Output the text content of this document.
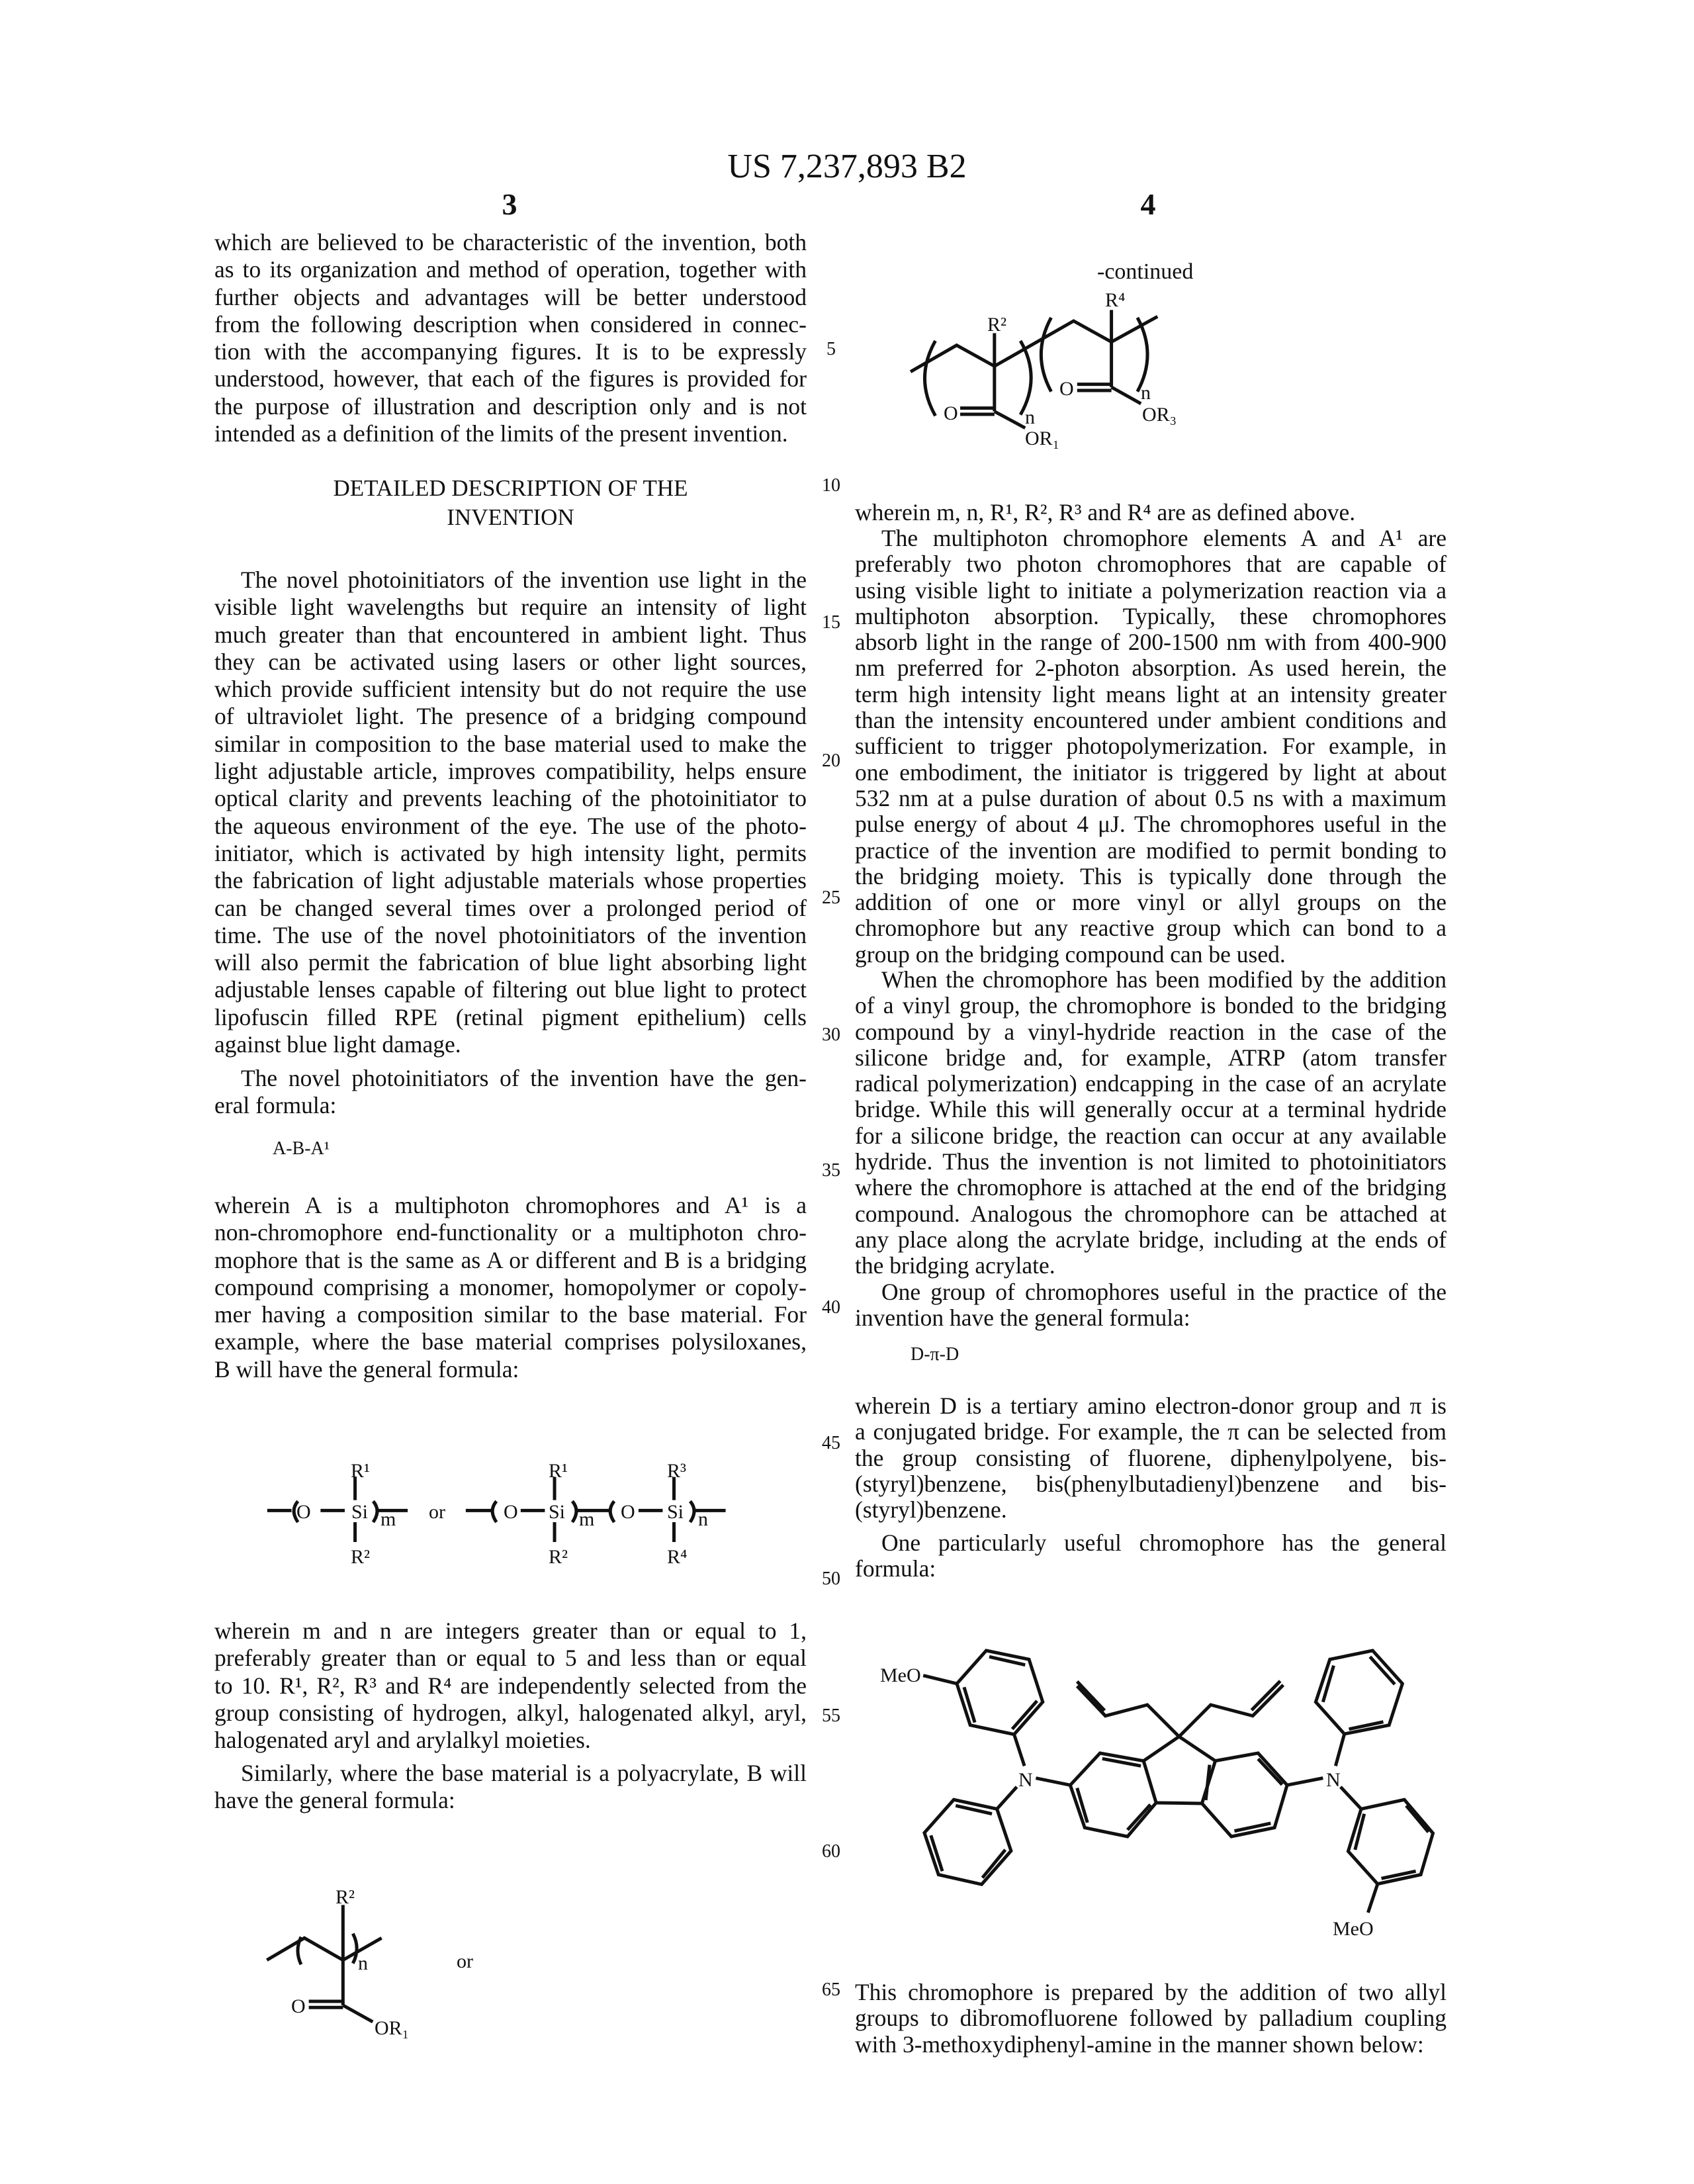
US 7,237,893 B2
3	4
which are believed to be characteristic of the invention, both
as to its organization and method of operation, together with
further objects and advantages will be better understood
from the following description when considered in connec-
tion with the accompanying figures. It is to be expressly
understood, however, that each of the figures is provided for
the purpose of illustration and description only and is not
intended as a definition of the limits of the present invention.
DETAILED DESCRIPTION OF THE
INVENTION
The novel photoinitiators of the invention use light in the
visible light wavelengths but require an intensity of light
much greater than that encountered in ambient light. Thus
they can be activated using lasers or other light sources,
which provide sufficient intensity but do not require the use
of ultraviolet light. The presence of a bridging compound
similar in composition to the base material used to make the
light adjustable article, improves compatibility, helps ensure
optical clarity and prevents leaching of the photoinitiator to
the aqueous environment of the eye. The use of the photo-
initiator, which is activated by high intensity light, permits
the fabrication of light adjustable materials whose properties
can be changed several times over a prolonged period of
time. The use of the novel photoinitiators of the invention
will also permit the fabrication of blue light absorbing light
adjustable lenses capable of filtering out blue light to protect
lipofuscin filled RPE (retinal pigment epithelium) cells
against blue light damage.
The novel photoinitiators of the invention have the gen-
eral formula:
A-B-A¹
wherein A is a multiphoton chromophores and A¹ is a
non-chromophore end-functionality or a multiphoton chro-
mophore that is the same as A or different and B is a bridging
compound comprising a monomer, homopolymer or copoly-
mer having a composition similar to the base material. For
example, where the base material comprises polysiloxanes,
B will have the general formula:
wherein m and n are integers greater than or equal to 1,
preferably greater than or equal to 5 and less than or equal
to 10. R¹, R², R³ and R⁴ are independently selected from the
group consisting of hydrogen, alkyl, halogenated alkyl, aryl,
halogenated aryl and arylalkyl moieties.
Similarly, where the base material is a polyacrylate, B will
have the general formula:
-continued
wherein m, n, R¹, R², R³ and R⁴ are as defined above.
The multiphoton chromophore elements A and A¹ are
preferably two photon chromophores that are capable of
using visible light to initiate a polymerization reaction via a
multiphoton absorption. Typically, these chromophores
absorb light in the range of 200-1500 nm with from 400-900
nm preferred for 2-photon absorption. As used herein, the
term high intensity light means light at an intensity greater
than the intensity encountered under ambient conditions and
sufficient to trigger photopolymerization. For example, in
one embodiment, the initiator is triggered by light at about
532 nm at a pulse duration of about 0.5 ns with a maximum
pulse energy of about 4 μJ. The chromophores useful in the
practice of the invention are modified to permit bonding to
the bridging moiety. This is typically done through the
addition of one or more vinyl or allyl groups on the
chromophore but any reactive group which can bond to a
group on the bridging compound can be used.
When the chromophore has been modified by the addition
of a vinyl group, the chromophore is bonded to the bridging
compound by a vinyl-hydride reaction in the case of the
silicone bridge and, for example, ATRP (atom transfer
radical polymerization) endcapping in the case of an acrylate
bridge. While this will generally occur at a terminal hydride
for a silicone bridge, the reaction can occur at any available
hydride. Thus the invention is not limited to photoinitiators
where the chromophore is attached at the end of the bridging
compound. Analogous the chromophore can be attached at
any place along the acrylate bridge, including at the ends of
the bridging acrylate.
One group of chromophores useful in the practice of the
invention have the general formula:
D-π-D
wherein D is a tertiary amino electron-donor group and π is
a conjugated bridge. For example, the π can be selected from
the group consisting of fluorene, diphenylpolyene, bis-
(styryl)benzene, bis(phenylbutadienyl)benzene and bis-
(styryl)benzene.
One particularly useful chromophore has the general
formula:
This chromophore is prepared by the addition of two allyl
groups to dibromofluorene followed by palladium coupling
with 3-methoxydiphenyl-amine in the manner shown below:
5
10
15
20
25
30
35
40
45
50
55
60
65
O Si m
R¹
R²
or	O Si m
R¹
R²
O Si n
R³
R⁴
R²
n
O
OR₁
or
R²
R⁴
O
O
n
n
OR₁
OR₃
MeO
MeO
N	N
